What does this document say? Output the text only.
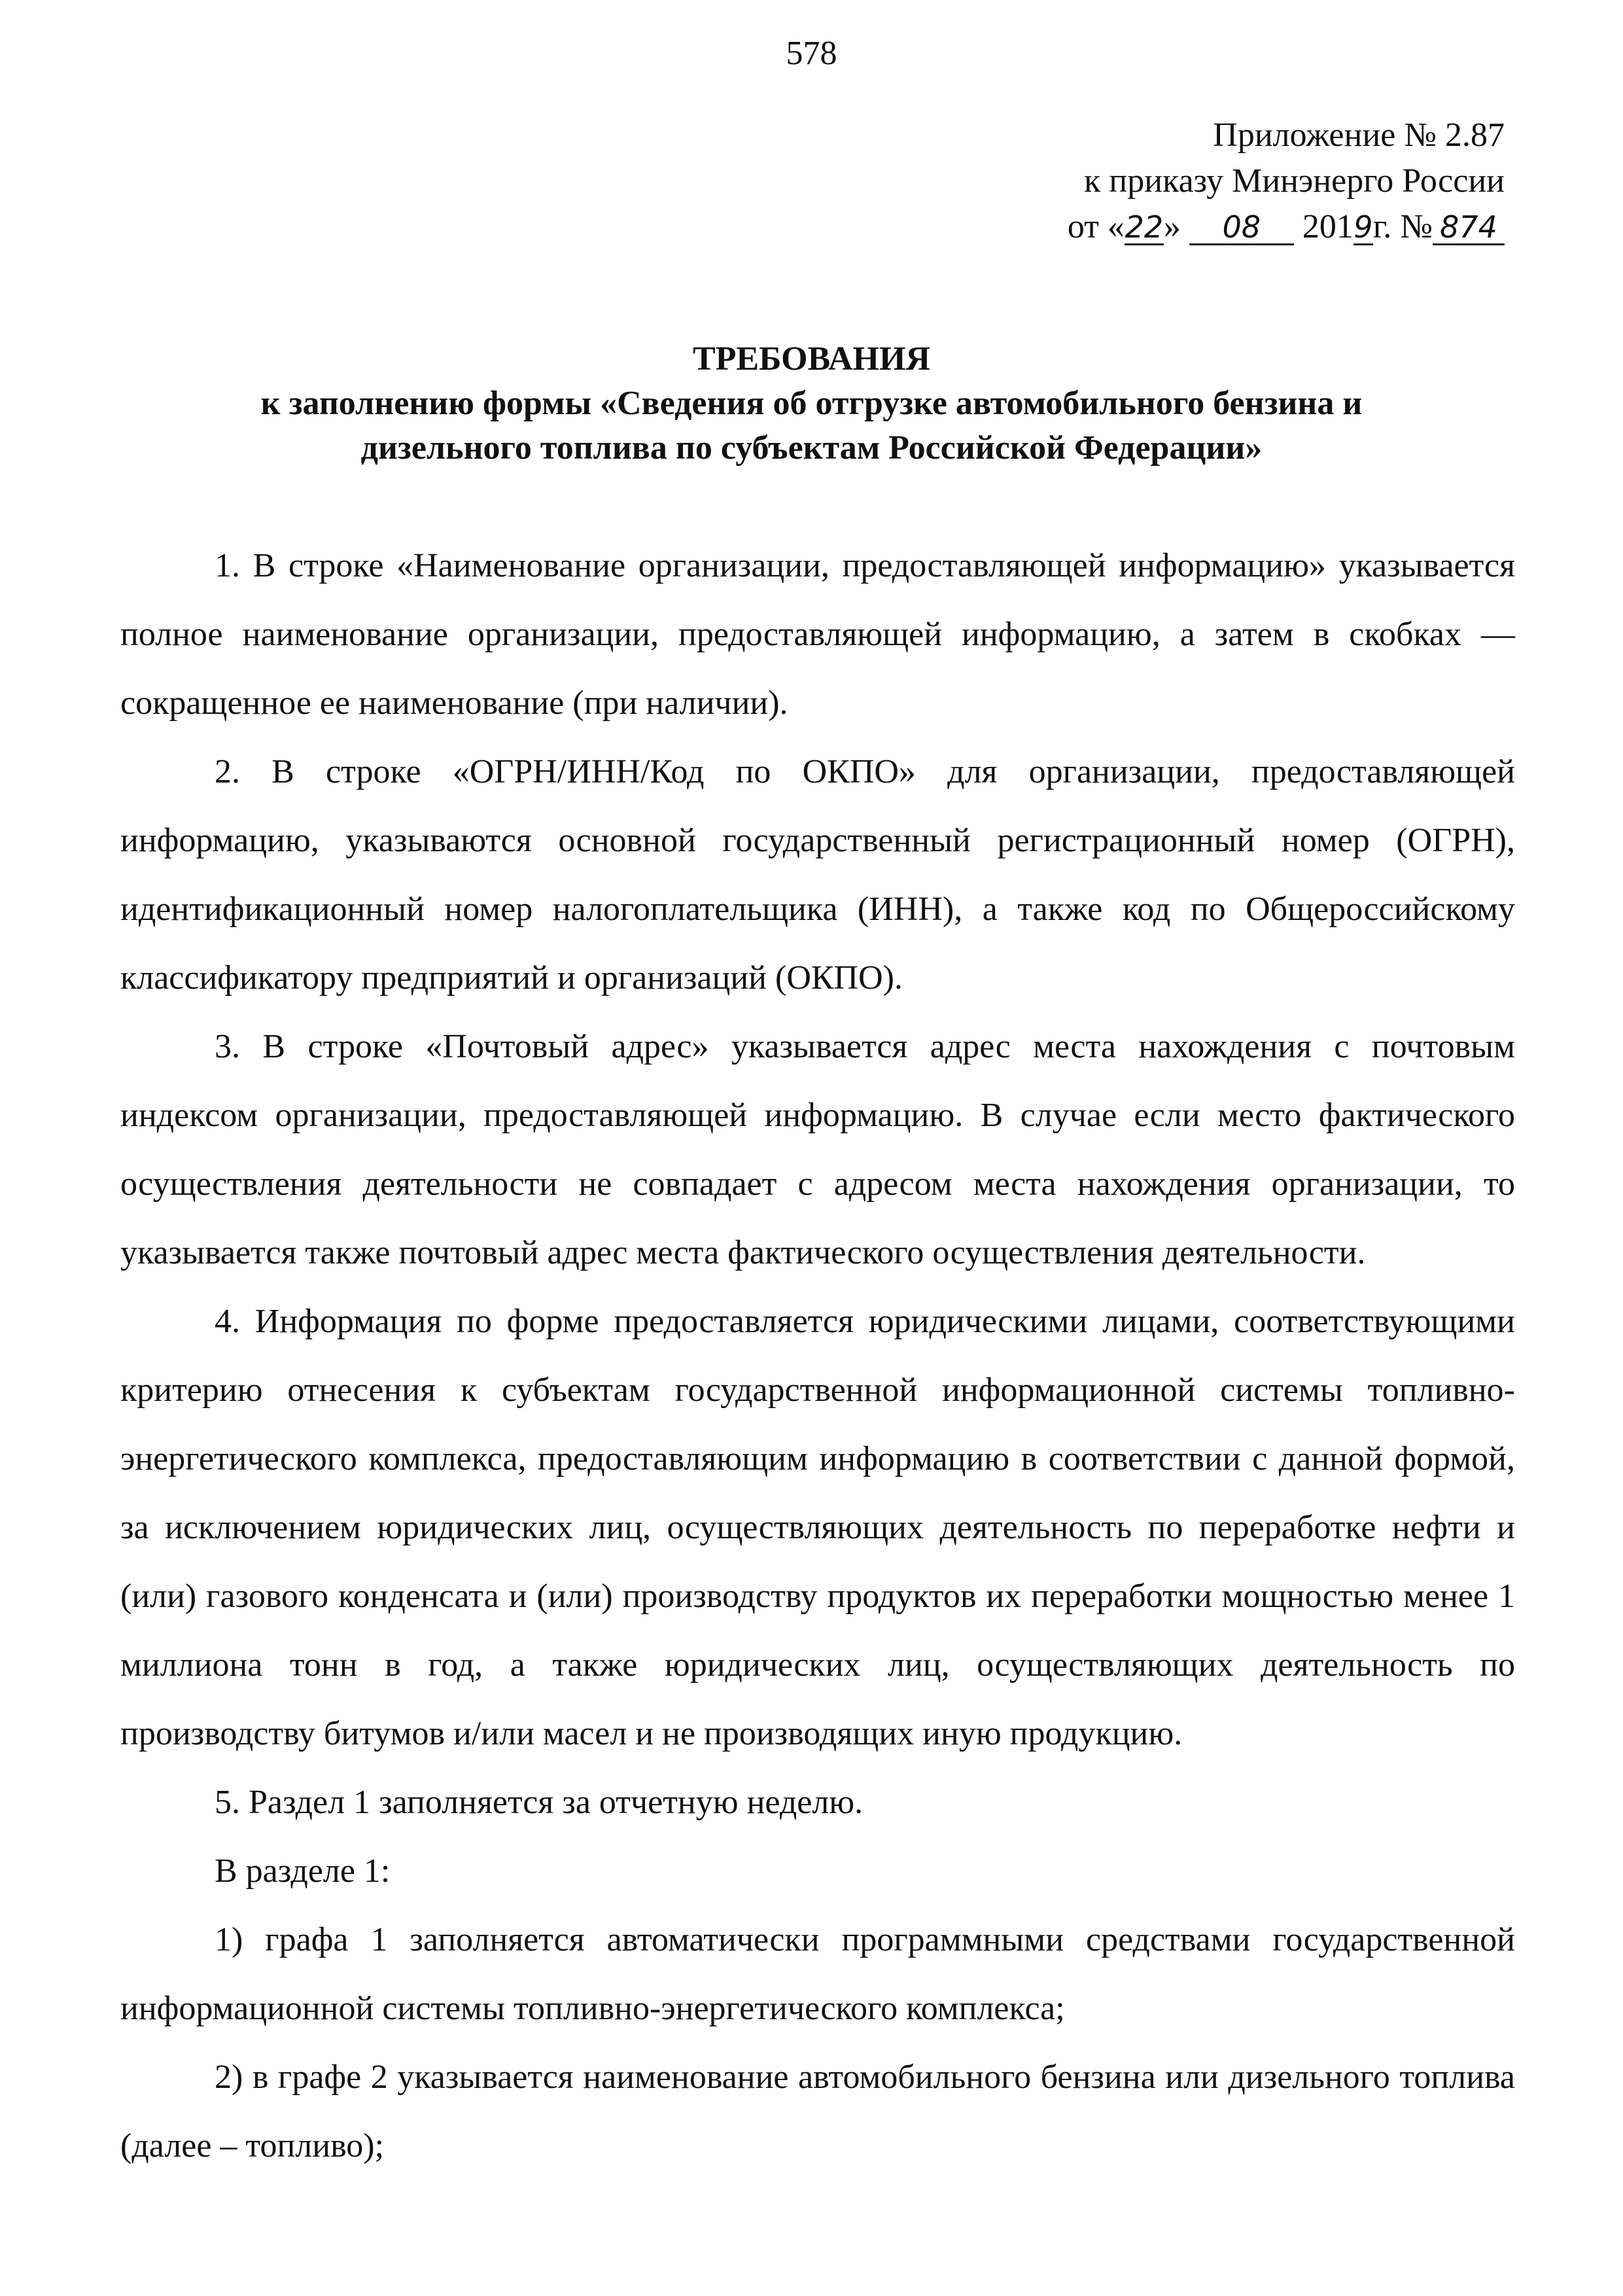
578
Приложение № 2.87
к приказу Минэнерго России
от «22» 08 2019г. № 874
ТРЕБОВАНИЯ
к заполнению формы «Сведения об отгрузке автомобильного бензина и
дизельного топлива по субъектам Российской Федерации»

1. В строке «Наименование организации, предоставляющей информацию» указывается полное наименование организации, предоставляющей информацию, а затем в скобках — сокращенное ее наименование (при наличии).

2. В строке «ОГРН/ИНН/Код по ОКПО» для организации, предоставляющей информацию, указываются основной государственный регистрационный номер (ОГРН), идентификационный номер налогоплательщика (ИНН), а также код по Общероссийскому классификатору предприятий и организаций (ОКПО).

3. В строке «Почтовый адрес» указывается адрес места нахождения с почтовым индексом организации, предоставляющей информацию. В случае если место фактического осуществления деятельности не совпадает с адресом места нахождения организации, то указывается также почтовый адрес места фактического осуществления деятельности.

4. Информация по форме предоставляется юридическими лицами, соответствующими критерию отнесения к субъектам государственной информационной системы топливно-энергетического комплекса, предоставляющим информацию в соответствии с данной формой, за исключением юридических лиц, осуществляющих деятельность по переработке нефти и (или) газового конденсата и (или) производству продуктов их переработки мощностью менее 1 миллиона тонн в год, а также юридических лиц, осуществляющих деятельность по производству битумов и/или масел и не производящих иную продукцию.

5. Раздел 1 заполняется за отчетную неделю.

В разделе 1:

1) графа 1 заполняется автоматически программными средствами государственной информационной системы топливно-энергетического комплекса;

2) в графе 2 указывается наименование автомобильного бензина или дизельного топлива (далее – топливо);
